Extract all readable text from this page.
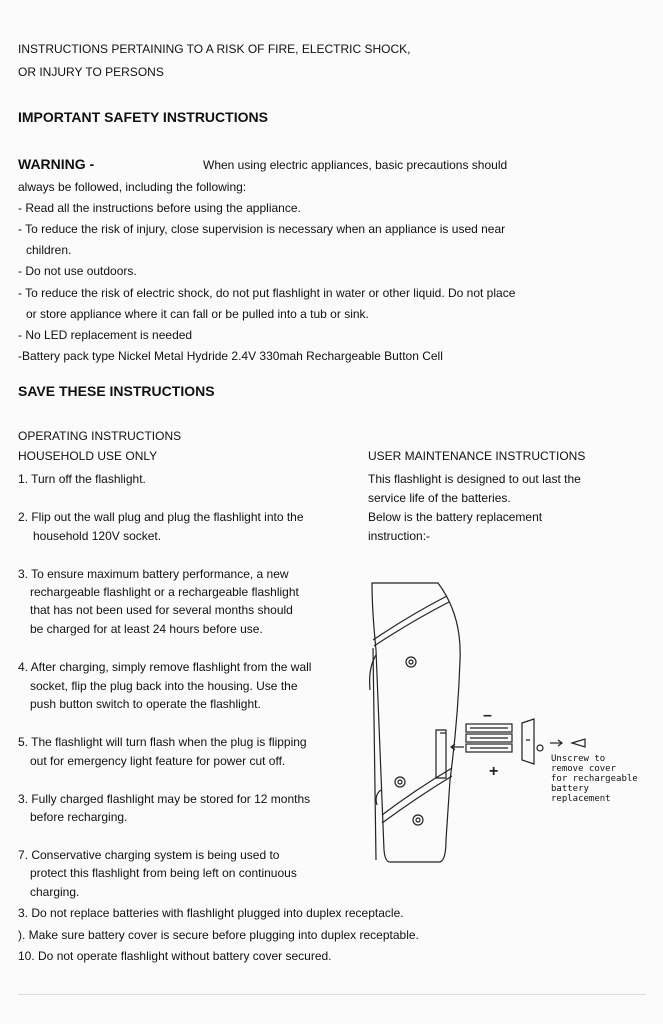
INSTRUCTIONS PERTAINING TO A RISK OF FIRE, ELECTRIC SHOCK,
OR INJURY TO PERSONS
IMPORTANT SAFETY INSTRUCTIONS
WARNING -	When using electric appliances, basic precautions should
always be followed, including the following:
- Read all the instructions before using the appliance.
- To reduce the risk of injury, close supervision is necessary when an appliance is used near
children.
- Do not use outdoors.
- To reduce the risk of electric shock, do not put flashlight in water or other liquid. Do not place
or store appliance where it can fall or be pulled into a tub or sink.
- No LED replacement is needed
-Battery pack type Nickel Metal Hydride 2.4V 330mah Rechargeable Button Cell
SAVE THESE INSTRUCTIONS
OPERATING INSTRUCTIONS
HOUSEHOLD USE ONLY
1. Turn off the flashlight.
2. Flip out the wall plug and plug the flashlight into the
household 120V socket.
3. To ensure maximum battery performance, a new
rechargeable flashlight or a rechargeable flashlight
that has not been used for several months should
be charged for at least 24 hours before use.
4. After charging, simply remove flashlight from the wall
socket, flip the plug back into the housing. Use the
push button switch to operate the flashlight.
5. The flashlight will turn flash when the plug is flipping
out for emergency light feature for power cut off.
3. Fully charged flashlight may be stored for 12 months
before recharging.
7. Conservative charging system is being used to
protect this flashlight from being left on continuous
charging.
3. Do not replace batteries with flashlight plugged into duplex receptacle.
). Make sure battery cover is secure before plugging into duplex receptable.
10. Do not operate flashlight without battery cover secured.
USER MAINTENANCE INSTRUCTIONS
This flashlight is designed to out last the
service life of the batteries.
Below is the battery replacement
instruction:-
–
+
Unscrew to
remove cover
for rechargeable
battery
replacement
